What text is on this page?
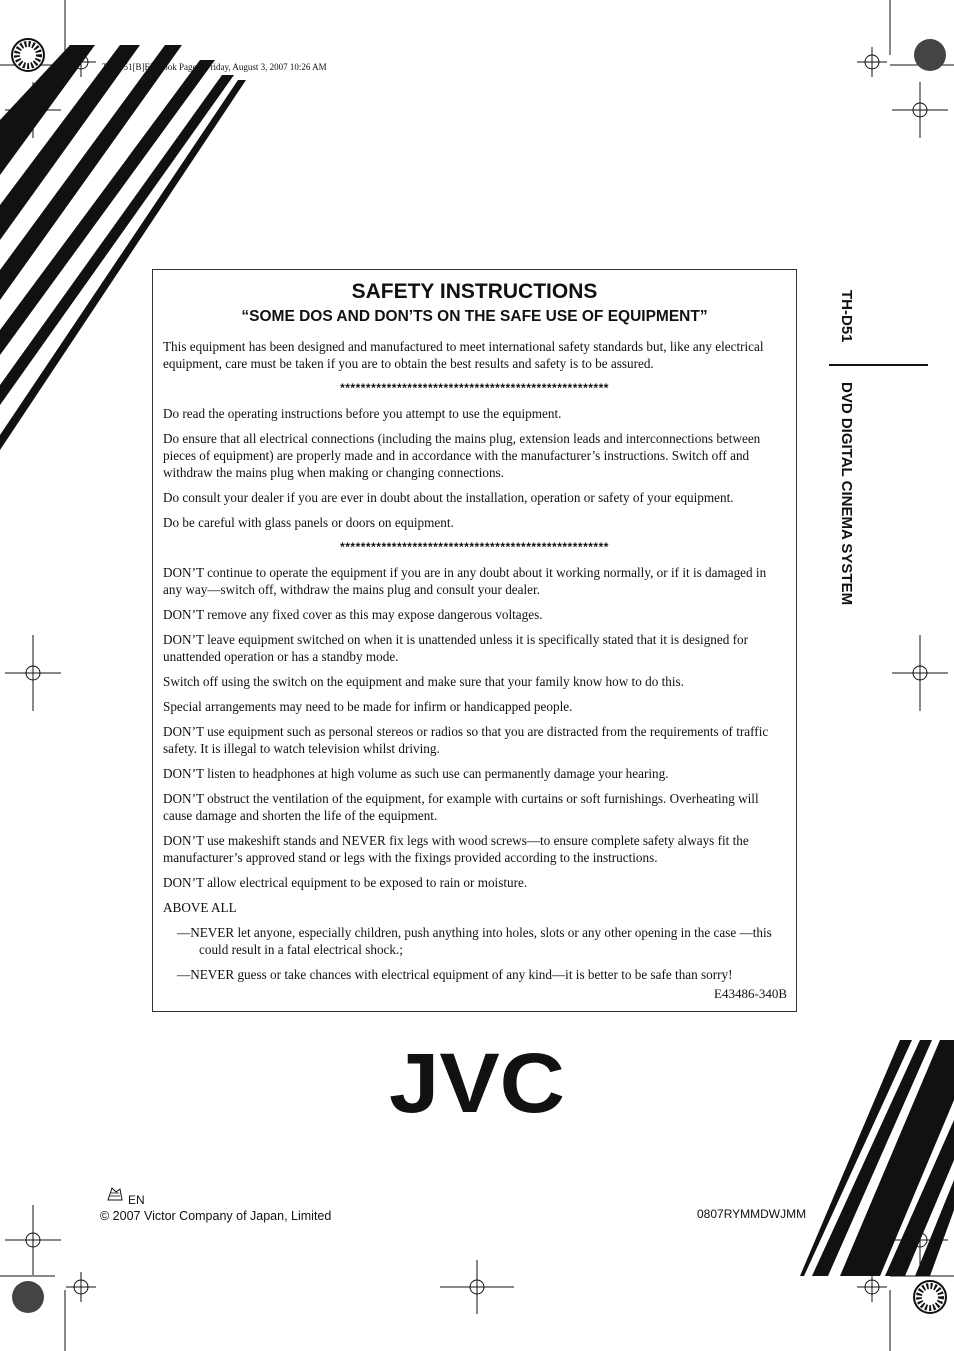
TH-D51[B]EN.book Page 1 Friday, August 3, 2007 10:26 AM
SAFETY INSTRUCTIONS
“SOME DOS AND DON’TS ON THE SAFE USE OF EQUIPMENT”

This equipment has been designed and manufactured to meet international safety standards but, like any electrical equipment, care must be taken if you are to obtain the best results and safety is to be assured.

****************************************************

Do read the operating instructions before you attempt to use the equipment.

Do ensure that all electrical connections (including the mains plug, extension leads and interconnections between pieces of equipment) are properly made and in accordance with the manufacturer’s instructions. Switch off and withdraw the mains plug when making or changing connections.

Do consult your dealer if you are ever in doubt about the installation, operation or safety of your equipment.

Do be careful with glass panels or doors on equipment.

****************************************************

DON’T continue to operate the equipment if you are in any doubt about it working normally, or if it is damaged in any way—switch off, withdraw the mains plug and consult your dealer.

DON’T remove any fixed cover as this may expose dangerous voltages.

DON’T leave equipment switched on when it is unattended unless it is specifically stated that it is designed for unattended operation or has a standby mode.

Switch off using the switch on the equipment and make sure that your family know how to do this.

Special arrangements may need to be made for infirm or handicapped people.

DON’T use equipment such as personal stereos or radios so that you are distracted from the requirements of traffic safety. It is illegal to watch television whilst driving.

DON’T listen to headphones at high volume as such use can permanently damage your hearing.

DON’T obstruct the ventilation of the equipment, for example with curtains or soft furnishings. Overheating will cause damage and shorten the life of the equipment.

DON’T use makeshift stands and NEVER fix legs with wood screws—to ensure complete safety always fit the manufacturer’s approved stand or legs with the fixings provided according to the instructions.

DON’T allow electrical equipment to be exposed to rain or moisture.

ABOVE ALL

—NEVER let anyone, especially children, push anything into holes, slots or any other opening in the case —this could result in a fatal electrical shock.;

—NEVER guess or take chances with electrical equipment of any kind—it is better to be safe than sorry!

E43486-340B
TH-D51
DVD DIGITAL CINEMA SYSTEM
JVC
EN
© 2007 Victor Company of Japan, Limited	0807RYMMDWJMM
